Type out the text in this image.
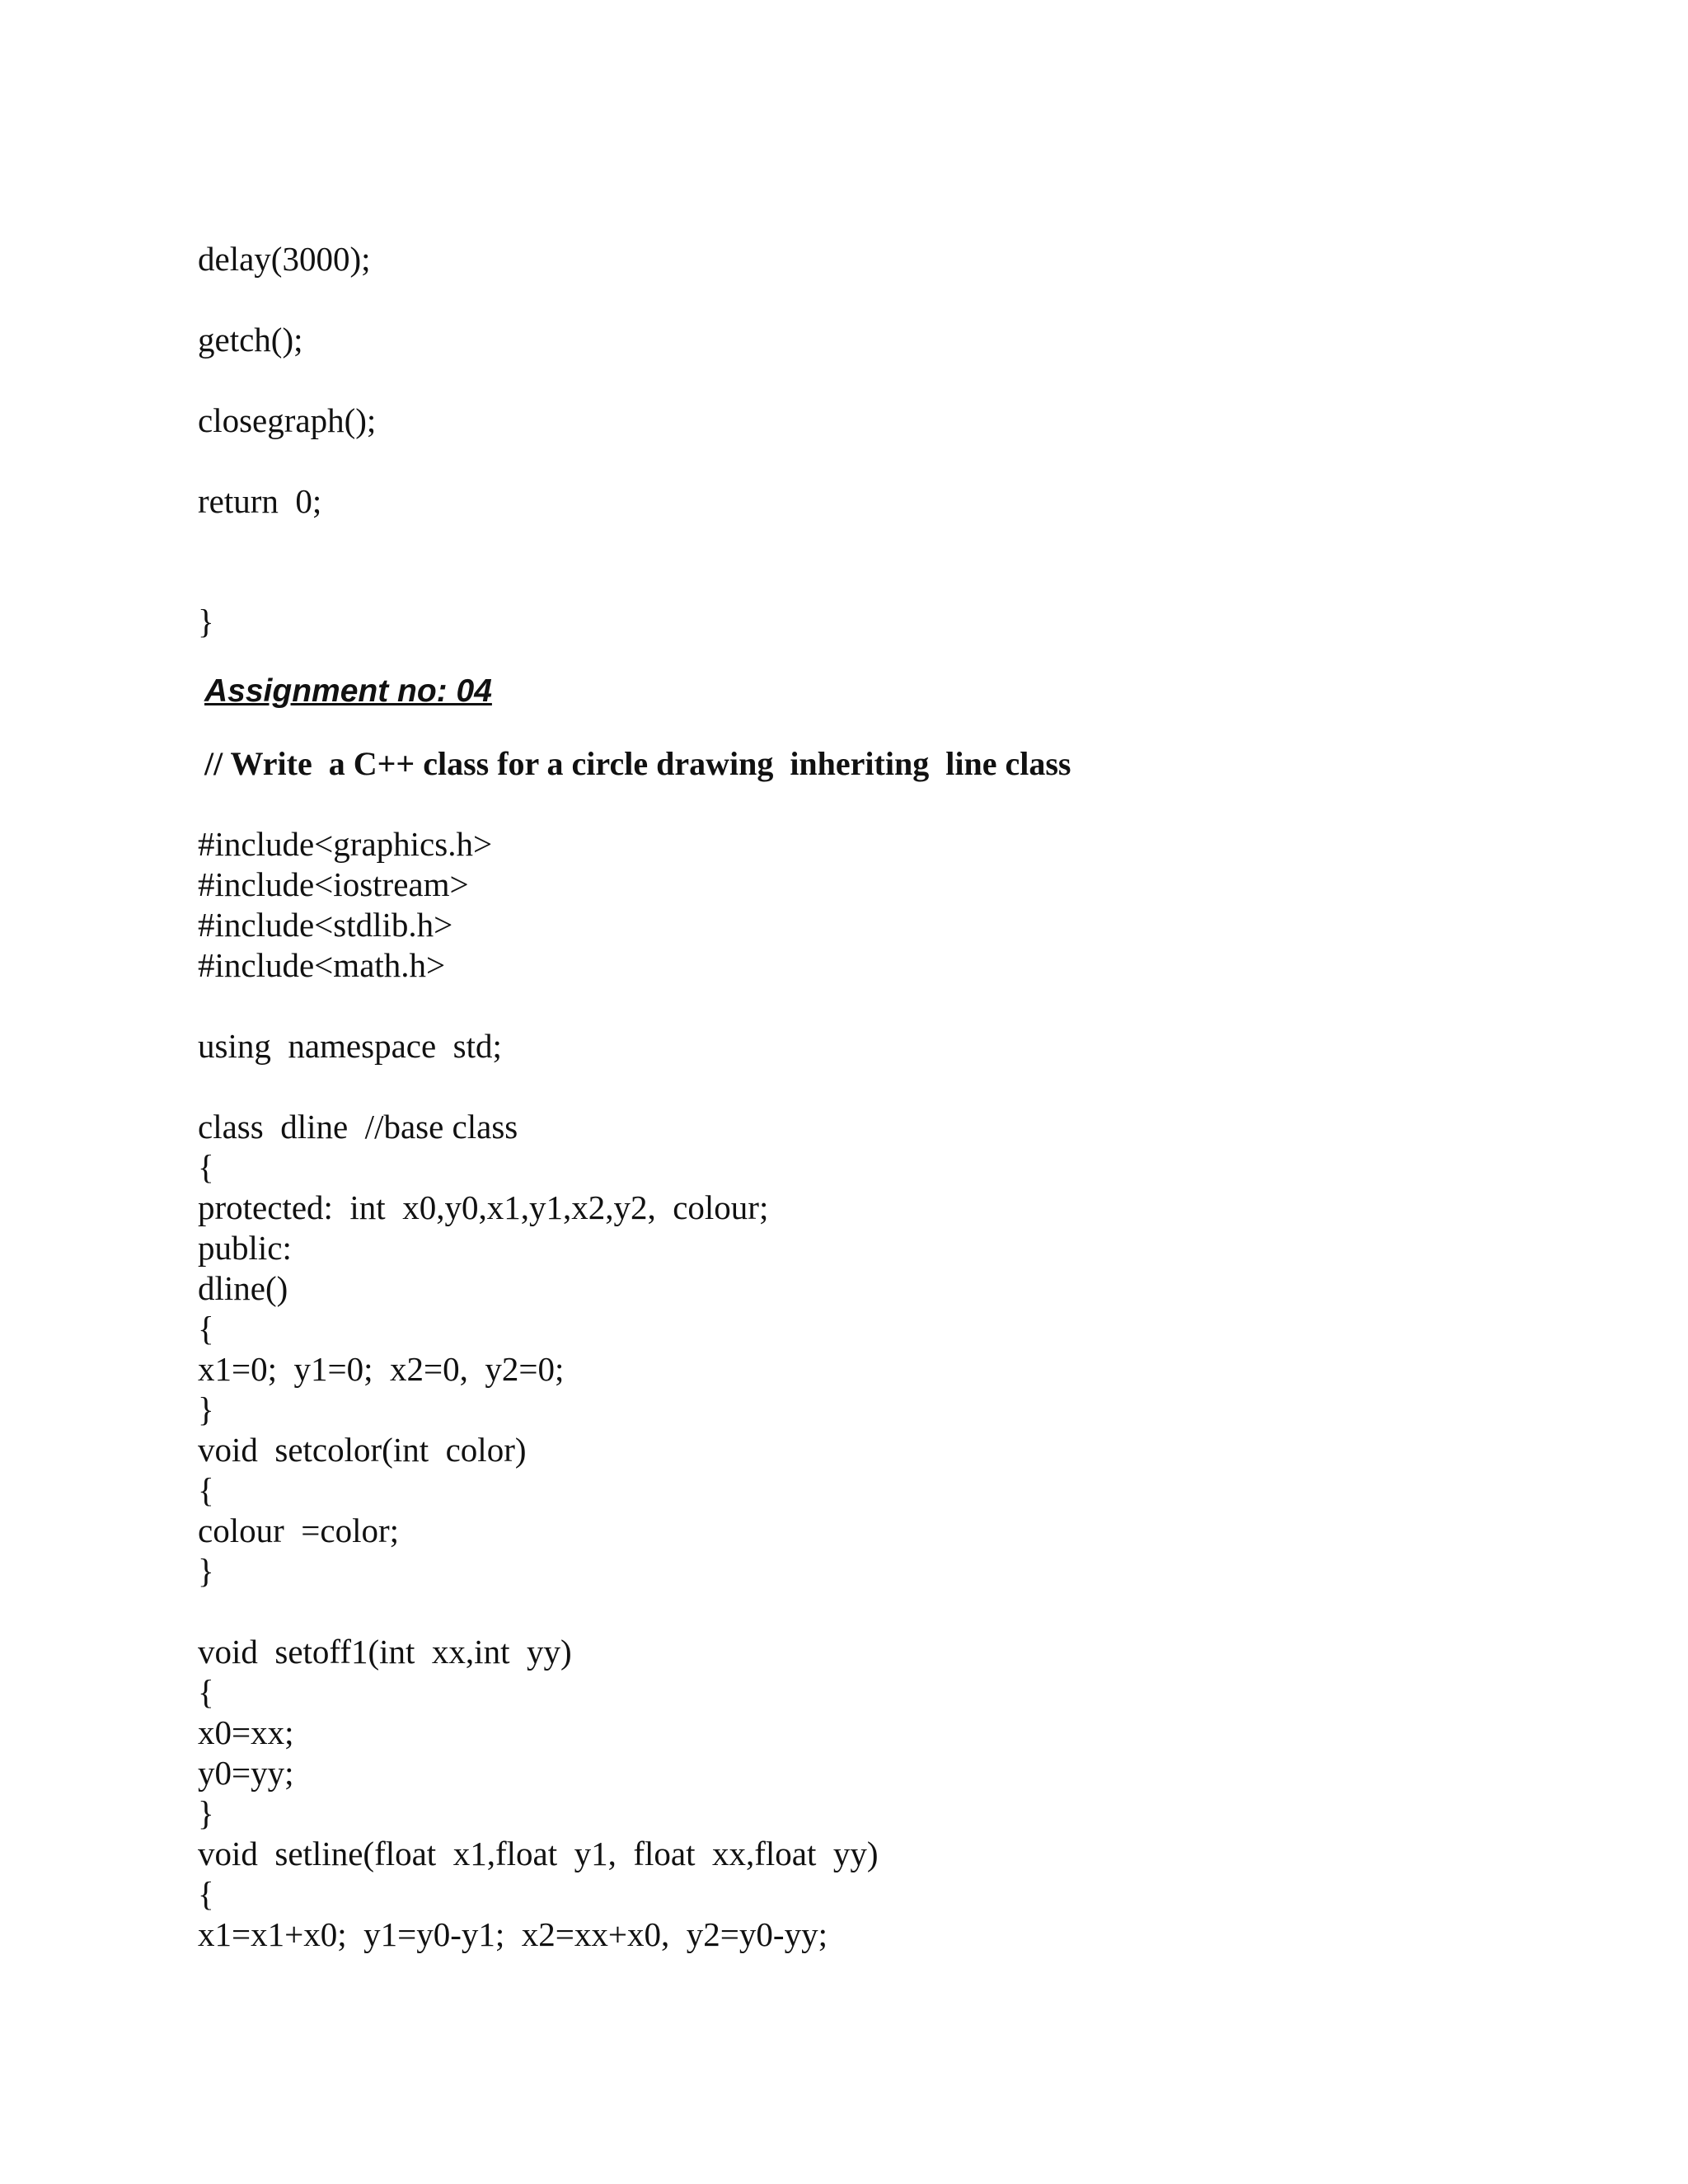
delay(3000);
getch();
closegraph();
return  0;
}
Assignment no: 04
// Write  a C++ class for a circle drawing  inheriting  line class
#include<graphics.h>
#include<iostream>
#include<stdlib.h>
#include<math.h>
using  namespace  std;
class  dline  //base class
{
protected:  int  x0,y0,x1,y1,x2,y2,  colour;
public:
dline()
{
x1=0;  y1=0;  x2=0,  y2=0;
}
void  setcolor(int  color)
{
colour  =color;
}
void  setoff1(int  xx,int  yy)
{
x0=xx;
y0=yy;
}
void  setline(float  x1,float  y1,  float  xx,float  yy)
{
x1=x1+x0;  y1=y0-y1;  x2=xx+x0,  y2=y0-yy;
